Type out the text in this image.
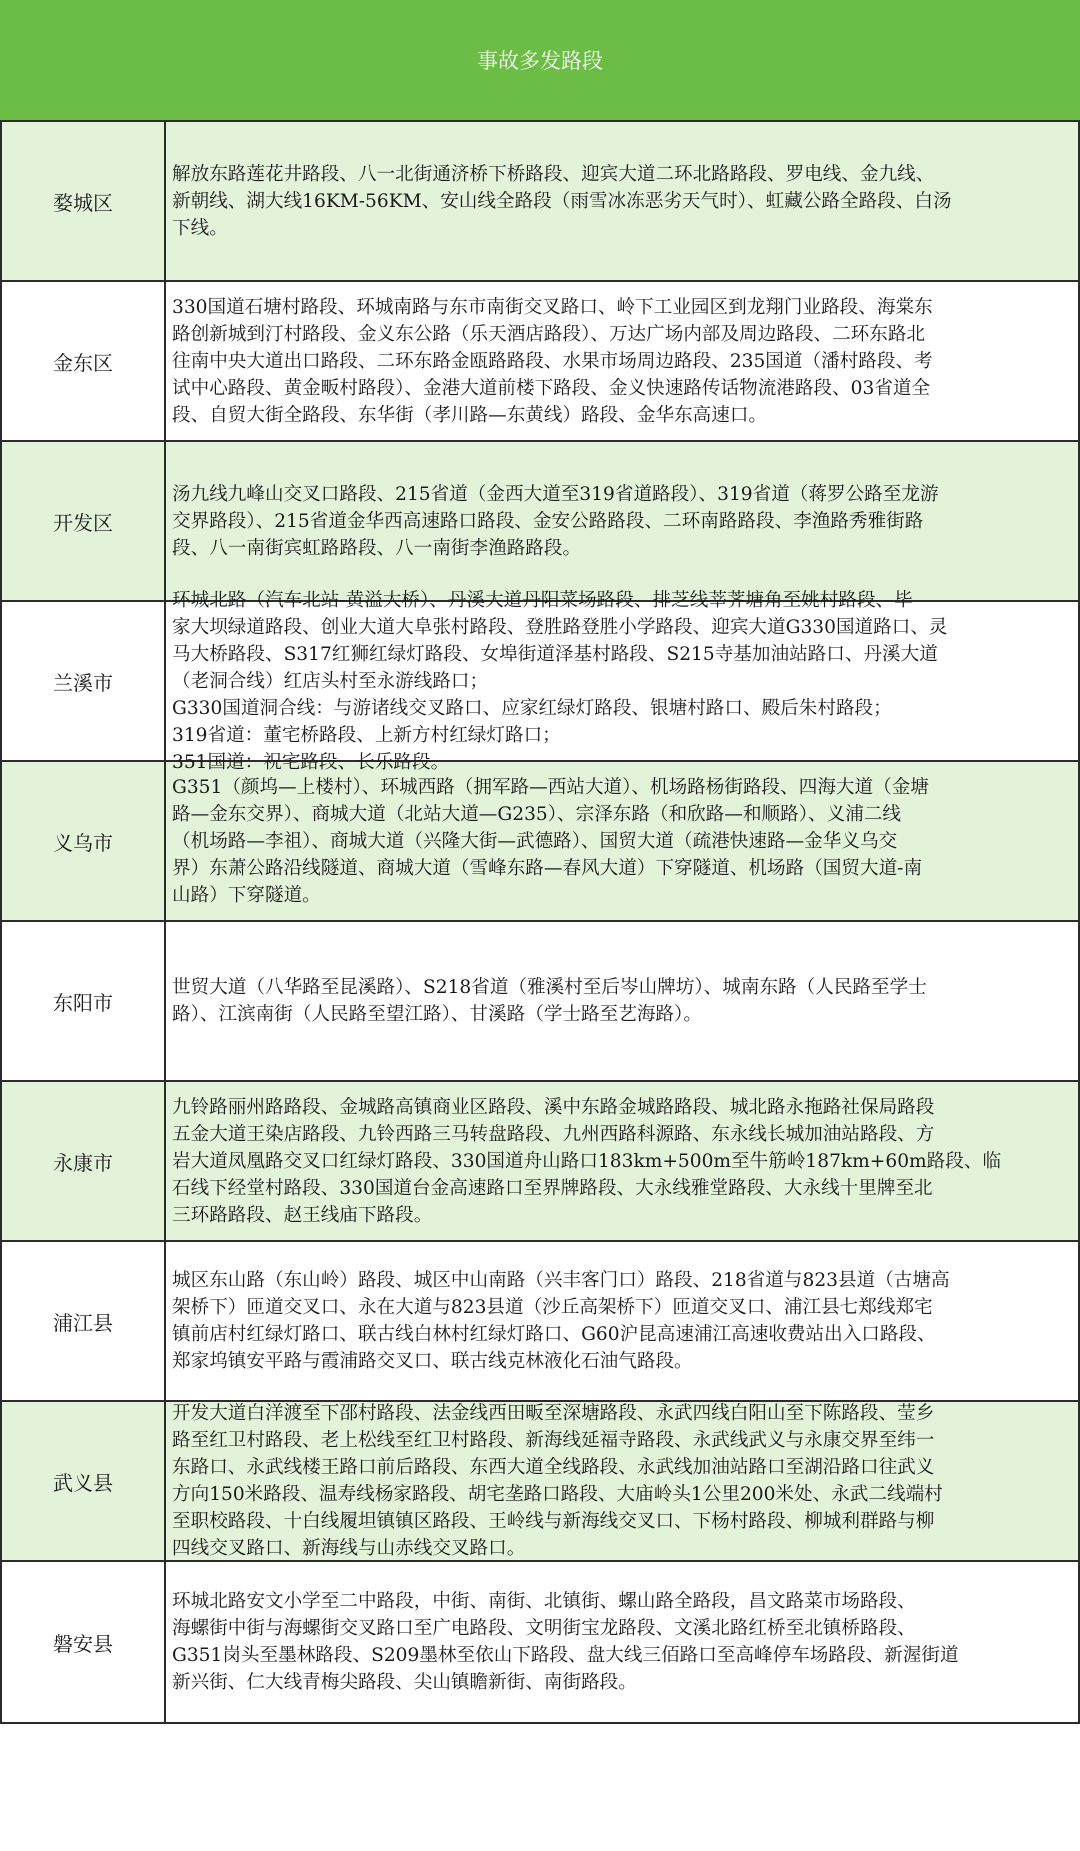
事故多发路段
婺城区
解放东路莲花井路段、八一北街通济桥下桥路段、迎宾大道二环北路路段、罗电线、金九线、
新朝线、湖大线16KM-56KM、安山线全路段（雨雪冰冻恶劣天气时）、虹藏公路全路段、白汤
下线。
金东区
330国道石塘村路段、环城南路与东市南街交叉路口、岭下工业园区到龙翔门业路段、海棠东
路创新城到汀村路段、金义东公路（乐天酒店路段）、万达广场内部及周边路段、二环东路北
往南中央大道出口路段、二环东路金瓯路路段、水果市场周边路段、235国道（潘村路段、考
试中心路段、黄金畈村路段）、金港大道前楼下路段、金义快速路传话物流港路段、03省道全
段、自贸大街全路段、东华街（孝川路—东黄线）路段、金华东高速口。
开发区
汤九线九峰山交叉口路段、215省道（金西大道至319省道路段）、319省道（蒋罗公路至龙游
交界路段）、215省道金华西高速路口路段、金安公路路段、二环南路路段、李渔路秀雅街路
段、八一南街宾虹路路段、八一南街李渔路路段。
兰溪市
环城北路（汽车北站-黄溢大桥）、丹溪大道丹阳菜场路段、排芝线莘荠塘角至姚村路段、毕
家大坝绿道路段、创业大道大阜张村路段、登胜路登胜小学路段、迎宾大道G330国道路口、灵
马大桥路段、S317红狮红绿灯路段、女埠街道泽基村路段、S215寺基加油站路口、丹溪大道
（老洞合线）红店头村至永游线路口；
G330国道洞合线：与游诸线交叉路口、应家红绿灯路段、银塘村路口、殿后朱村路段；
319省道：董宅桥路段、上新方村红绿灯路口；
351国道：祝宅路段、长乐路段。
义乌市
G351（颜坞—上楼村）、环城西路（拥军路—西站大道）、机场路杨街路段、四海大道（金塘
路—金东交界）、商城大道（北站大道—G235）、宗泽东路（和欣路—和顺路）、义浦二线
（机场路—李祖）、商城大道（兴隆大街—武德路）、国贸大道（疏港快速路—金华义乌交
界）东萧公路沿线隧道、商城大道（雪峰东路—春风大道）下穿隧道、机场路（国贸大道-南
山路）下穿隧道。
东阳市
世贸大道（八华路至昆溪路）、S218省道（雅溪村至后岑山牌坊）、城南东路（人民路至学士
路）、江滨南街（人民路至望江路）、甘溪路（学士路至艺海路）。
永康市
九铃路丽州路路段、金城路高镇商业区路段、溪中东路金城路路段、城北路永拖路社保局路段
五金大道王染店路段、九铃西路三马转盘路段、九州西路科源路、东永线长城加油站路段、方
岩大道凤凰路交叉口红绿灯路段、330国道舟山路口183km+500m至牛筋岭187km+60m路段、临
石线下经堂村路段、330国道台金高速路口至界牌路段、大永线雅堂路段、大永线十里牌至北
三环路路段、赵王线庙下路段。
浦江县
城区东山路（东山岭）路段、城区中山南路（兴丰客门口）路段、218省道与823县道（古塘高
架桥下）匝道交叉口、永在大道与823县道（沙丘高架桥下）匝道交叉口、浦江县七郑线郑宅
镇前店村红绿灯路口、联古线白林村红绿灯路口、G60沪昆高速浦江高速收费站出入口路段、
郑家坞镇安平路与霞浦路交叉口、联古线克林液化石油气路段。
武义县
开发大道白洋渡至下邵村路段、法金线西田畈至深塘路段、永武四线白阳山至下陈路段、莹乡
路至红卫村路段、老上松线至红卫村路段、新海线延福寺路段、永武线武义与永康交界至纬一
东路口、永武线楼王路口前后路段、东西大道全线路段、永武线加油站路口至湖沿路口往武义
方向150米路段、温寿线杨家路段、胡宅垄路口路段、大庙岭头1公里200米处、永武二线端村
至职校路段、十白线履坦镇镇区路段、王岭线与新海线交叉口、下杨村路段、柳城利群路与柳
四线交叉路口、新海线与山赤线交叉路口。
磐安县
环城北路安文小学至二中路段，中街、南街、北镇街、螺山路全路段，昌文路菜市场路段、
海螺街中街与海螺街交叉路口至广电路段、文明街宝龙路段、文溪北路红桥至北镇桥路段、
G351岗头至墨林路段、S209墨林至依山下路段、盘大线三佰路口至高峰停车场路段、新渥街道
新兴街、仁大线青梅尖路段、尖山镇瞻新街、南街路段。
